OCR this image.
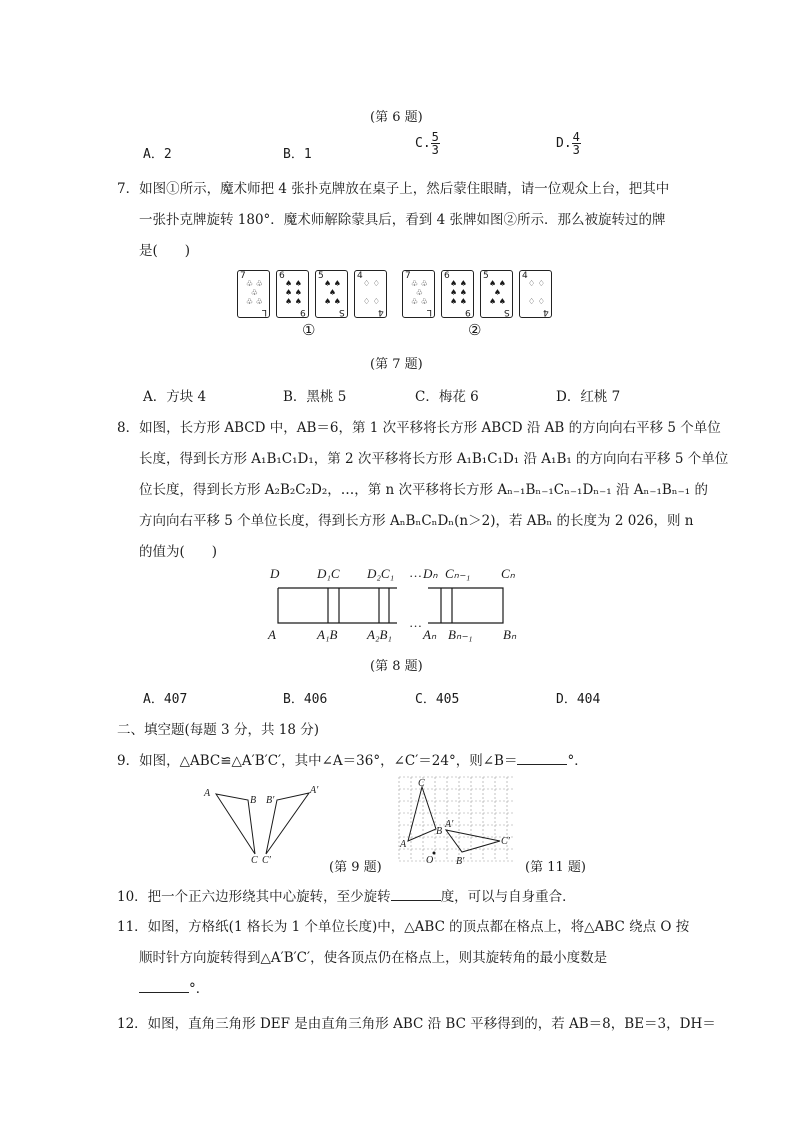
(第 6 题)
A．2	B．1
C. $\frac{5}{3}$	D. $\frac{4}{3}$
7．如图①所示，魔术师把 4 张扑克牌放在桌子上，然后蒙住眼睛，请一位观众上台，把其中
一张扑克牌旋转 180°．魔术师解除蒙具后，看到 4 张牌如图②所示．那么被旋转过的牌
是(　　)
7
♧ ♧
♧
♧ ♧
L
6
♠ ♠
♠ ♠
♠ ♠
9
5
♠ ♠
♠
♠ ♠
S
4
♢ ♢

♢ ♢
4
7
♧ ♧
♧
♧ ♧
L
6
♠ ♠
♠ ♠
♠ ♠
9
5
♠ ♠
♠
♠ ♠
S
4
♢ ♢

♢ ♢
4
①	②
(第 7 题)
A．方块 4	B．黑桃 5	C．梅花 6	D．红桃 7
8．如图，长方形 ABCD 中，AB＝6，第 1 次平移将长方形 ABCD 沿 AB 的方向向右平移 5 个单位
长度，得到长方形 A₁B₁C₁D₁，第 2 次平移将长方形 A₁B₁C₁D₁ 沿 A₁B₁ 的方向向右平移 5 个单位
位长度，得到长方形 A₂B₂C₂D₂，…，第 n 次平移将长方形 Aₙ₋₁Bₙ₋₁Cₙ₋₁Dₙ₋₁ 沿 Aₙ₋₁Bₙ₋₁ 的
方向向右平移 5 个单位长度，得到长方形 AₙBₙCₙDₙ(n＞2)，若 ABₙ 的长度为 2 026，则 n
的值为(　　)
D	D₁C D₂C₁ … Dₙ Cₙ₋₁ Cₙ
A	A₁B A₂B₁
…
Aₙ Bₙ₋₁ Bₙ
(第 8 题)
A．407	B．406	C．405	D．404
二、填空题(每题 3 分，共 18 分)
9．如图，△ABC≌△A′B′C′，其中∠A＝36°，∠C′＝24°，则∠B＝	°．
A
B B′
A′
C C′	(第 9 题)
C
A
B
A′
O B′
C′
(第 11 题)
10．把一个正六边形绕其中心旋转，至少旋转	度，可以与自身重合．
11．如图，方格纸(1 格长为 1 个单位长度)中，△ABC 的顶点都在格点上，将△ABC 绕点 O 按
顺时针方向旋转得到△A′B′C′，使各顶点仍在格点上，则其旋转角的最小度数是
°．
12．如图，直角三角形 DEF 是由直角三角形 ABC 沿 BC 平移得到的，若 AB＝8，BE＝3，DH＝
